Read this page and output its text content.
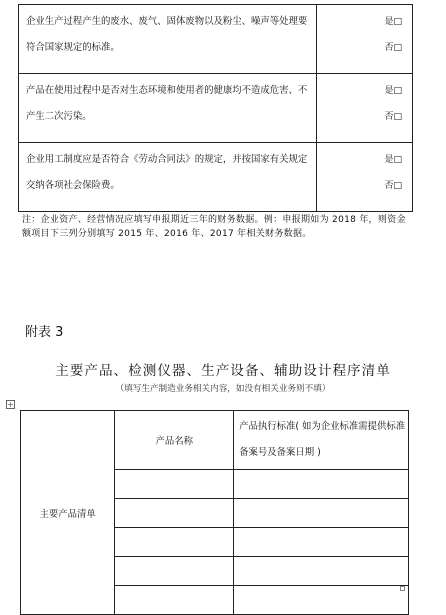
企业生产过程产生的废水、废气、固体废物以及粉尘、噪声等处理要符合国家规定的标准。	是□
否□

产品在使用过程中是否对生态环境和使用者的健康均不造成危害、不产生二次污染。	是□
否□

企业用工制度应是否符合《劳动合同法》的规定，并按国家有关规定交纳各项社会保险费。	是□
否□
注：企业资产、经营情况应填写申报期近三年的财务数据。例：申报期如为 2018 年，则资金额项目下三列分别填写 2015 年、2016 年、2017 年相关财务数据。
附表 3
主要产品、检测仪器、生产设备、辅助设计程序清单
（填写生产制造业务相关内容，如没有相关业务则不填）
+
主要产品清单	产品名称	产品执行标准( 如为企业标准需提供标准备案号及备案日期 )
